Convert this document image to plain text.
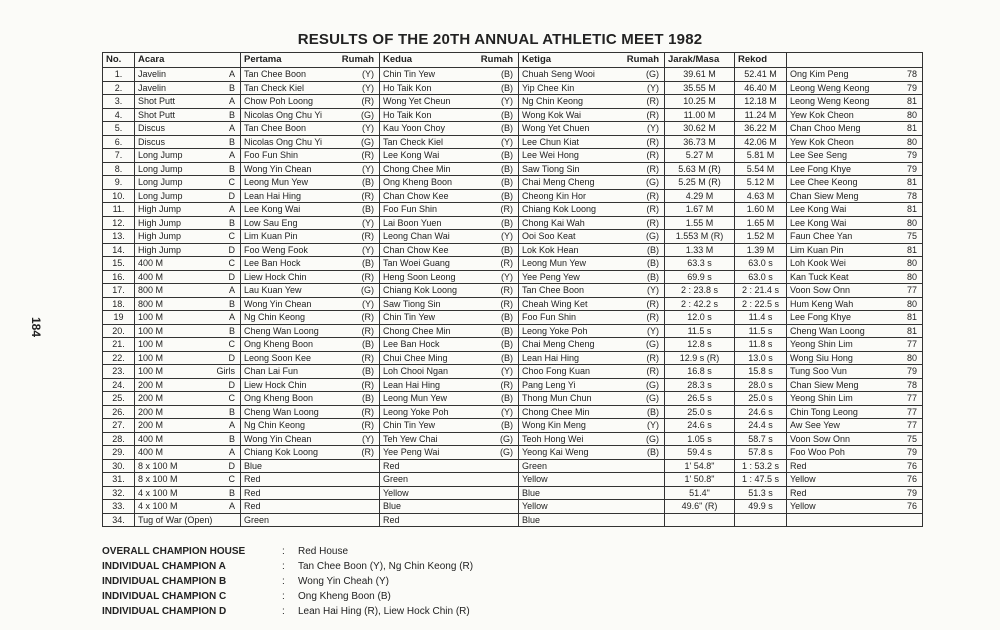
184
RESULTS OF THE 20TH ANNUAL ATHLETIC MEET 1982
No.	Acara	Pertama Rumah	Kedua Rumah	Ketiga Rumah	Jarak/Masa	Rekod	
1.	Javelin A	Tan Chee Boon (Y)	Chin Tin Yew (B)	Chuah Seng Wooi (G)	39.61 M	52.41 M	Ong Kim Peng 78

2.	Javelin B	Tan Check Kiel (Y)	Ho Taik Kon (B)	Yip Chee Kin (Y)	35.55 M	46.40 M	Leong Weng Keong 79

3.	Shot Putt A	Chow Poh Loong (R)	Wong Yet Cheun (Y)	Ng Chin Keong (R)	10.25 M	12.18 M	Leong Weng Keong 81

4.	Shot Putt B	Nicolas Ong Chu Yi (G)	Ho Taik Kon (B)	Wong Kok Wai (R)	11.00 M	11.24 M	Yew Kok Cheon 80

5.	Discus A	Tan Chee Boon (Y)	Kau Yoon Choy (B)	Wong Yet Chuen (Y)	30.62 M	36.22 M	Chan Choo Meng 81

6.	Discus B	Nicolas Ong Chu Yi (G)	Tan Check Kiel (Y)	Lee Chun Kiat (R)	36.73 M	42.06 M	Yew Kok Cheon 80

7.	Long Jump A	Foo Fun Shin (R)	Lee Kong Wai (B)	Lee Wei Hong (R)	5.27 M	5.81 M	Lee See Seng 79

8.	Long Jump B	Wong Yin Chean (Y)	Chong Chee Min (B)	Saw Tiong Sin (R)	5.63 M (R)	5.54 M	Lee Fong Khye 79

9.	Long Jump C	Leong Mun Yew (B)	Ong Kheng Boon (B)	Chai Meng Cheng (G)	5.25 M (R)	5.12 M	Lee Chee Keong 81

10.	Long Jump D	Lean Hai Hing (R)	Chan Chow Kee (B)	Cheong Kin Hor (R)	4.29 M	4.63 M	Chan Siew Meng 78

11.	High Jump A	Lee Kong Wai (B)	Foo Fun Shin (R)	Chiang Kok Loong (R)	1.67 M	1.60 M	Lee Kong Wai 81

12.	High Jump B	Low Sau Eng (Y)	Lai Boon Yuen (B)	Chong Kai Wah (R)	1.55 M	1.65 M	Lee Kong Wai 80

13.	High Jump C	Lim Kuan Pin (R)	Leong Chan Wai (Y)	Ooi Soo Keat (G)	1.553 M (R)	1.52 M	Faun Chee Yan 75

14.	High Jump D	Foo Weng Fook (Y)	Chan Chow Kee (B)	Lok Kok Hean (B)	1.33 M	1.39 M	Lim Kuan Pin 81

15.	400 M C	Lee Ban Hock (B)	Tan Woei Guang (R)	Leong Mun Yew (B)	63.3 s	63.0 s	Loh Kook Wei 80

16.	400 M D	Liew Hock Chin (R)	Heng Soon Leong (Y)	Yee Peng Yew (B)	69.9 s	63.0 s	Kan Tuck Keat 80

17.	800 M A	Lau Kuan Yew (G)	Chiang Kok Loong (R)	Tan Chee Boon (Y)	2 : 23.8 s	2 : 21.4 s	Voon Sow Onn 77

18.	800 M B	Wong Yin Chean (Y)	Saw Tiong Sin (R)	Cheah Wing Ket (R)	2 : 42.2 s	2 : 22.5 s	Hum Keng Wah 80

19	100 M A	Ng Chin Keong (R)	Chin Tin Yew (B)	Foo Fun Shin (R)	12.0 s	11.4 s	Lee Fong Khye 81

20.	100 M B	Cheng Wan Loong (R)	Chong Chee Min (B)	Leong Yoke Poh (Y)	11.5 s	11.5 s	Cheng Wan Loong 81

21.	100 M C	Ong Kheng Boon (B)	Lee Ban Hock (B)	Chai Meng Cheng (G)	12.8 s	11.8 s	Yeong Shin Lim 77

22.	100 M D	Leong Soon Kee (R)	Chui Chee Ming (B)	Lean Hai Hing (R)	12.9 s (R)	13.0 s	Wong Siu Hong 80

23.	100 M Girls	Chan Lai Fun (B)	Loh Chooi Ngan (Y)	Choo Fong Kuan (R)	16.8 s	15.8 s	Tung Soo Vun 79

24.	200 M D	Liew Hock Chin (R)	Lean Hai Hing (R)	Pang Leng Yi (G)	28.3 s	28.0 s	Chan Siew Meng 78

25.	200 M C	Ong Kheng Boon (B)	Leong Mun Yew (B)	Thong Mun Chun (G)	26.5 s	25.0 s	Yeong Shin Lim 77

26.	200 M B	Cheng Wan Loong (R)	Leong Yoke Poh (Y)	Chong Chee Min (B)	25.0 s	24.6 s	Chin Tong Leong 77

27.	200 M A	Ng Chin Keong (R)	Chin Tin Yew (B)	Wong Kin Meng (Y)	24.6 s	24.4 s	Aw See Yew 77

28.	400 M B	Wong Yin Chean (Y)	Teh Yew Chai (G)	Teoh Hong Wei (G)	1.05 s	58.7 s	Voon Sow Onn 75

29.	400 M A	Chiang Kok Loong (R)	Yee Peng Wai (G)	Yeong Kai Weng (B)	59.4 s	57.8 s	Foo Woo Poh 79

30.	8 x 100 M D	Blue	Red	Green	1' 54.8"	1 : 53.2 s	Red 76

31.	8 x 100 M C	Red	Green	Yellow	1' 50.8"	1 : 47.5 s	Yellow 76

32.	4 x 100 M B	Red	Yellow	Blue	51.4"	51.3 s	Red 79

33.	4 x 100 M A	Red	Blue	Yellow	49.6" (R)	49.9 s	Yellow 76

34.	Tug of War (Open)	Green	Red	Blue			

OVERALL CHAMPION HOUSE	:	Red House
INDIVIDUAL CHAMPION A	:	Tan Chee Boon (Y), Ng Chin Keong (R)
INDIVIDUAL CHAMPION B	:	Wong Yin Cheah (Y)
INDIVIDUAL CHAMPION C	:	Ong Kheng Boon (B)
INDIVIDUAL CHAMPION D	:	Lean Hai Hing (R), Liew Hock Chin (R)
